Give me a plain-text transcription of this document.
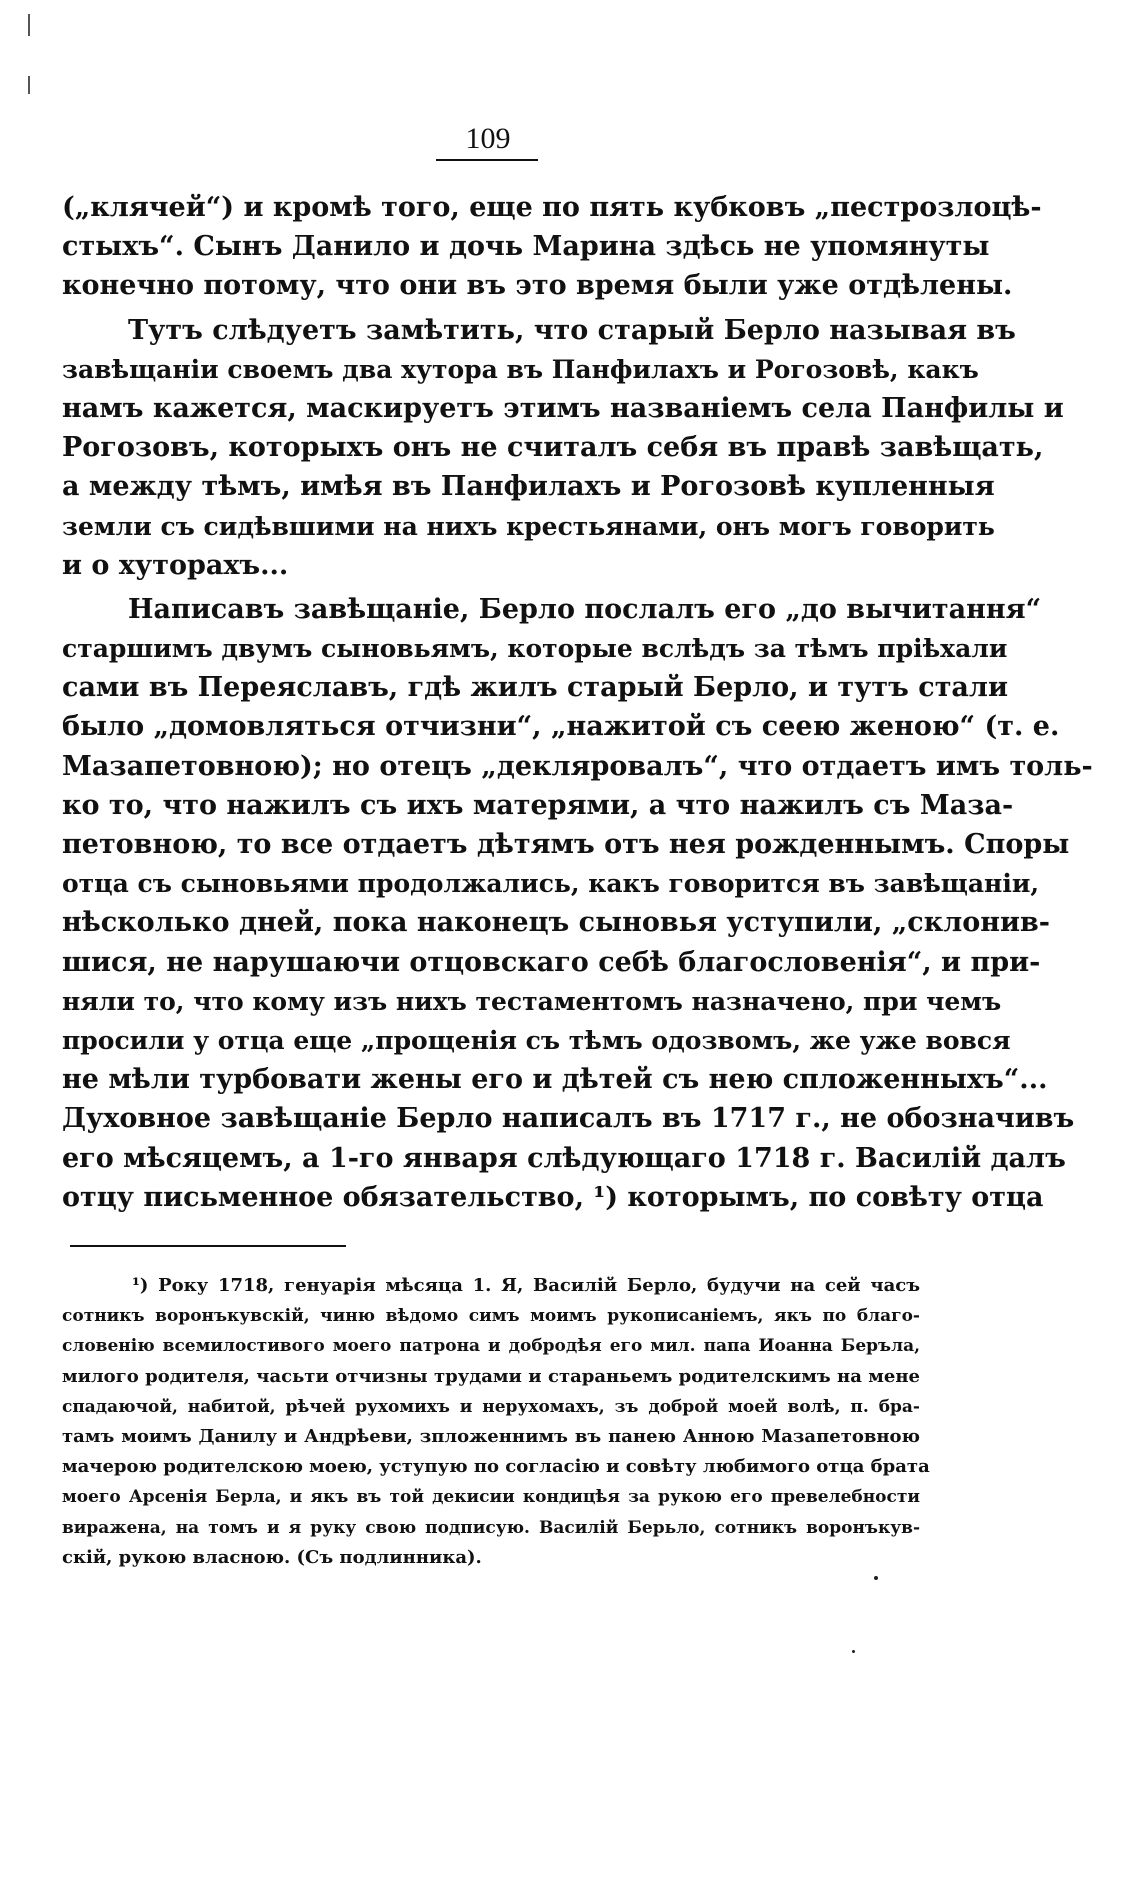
109
(„клячей“) и кромѣ того, еще по пять кубковъ „пестрозлоцѣ-
стыхъ“. Сынъ Данило и дочь Марина здѣсь не упомянуты
конечно потому, что они въ это время были уже отдѣлены.
Тутъ слѣдуетъ замѣтить, что старый Берло называя въ
завѣщаніи своемъ два хутора въ Панфилахъ и Рогозовѣ, какъ
намъ кажется, маскируетъ этимъ названіемъ села Панфилы и
Рогозовъ, которыхъ онъ не считалъ себя въ правѣ завѣщать,
а между тѣмъ, имѣя въ Панфилахъ и Рогозовѣ купленныя
земли съ сидѣвшими на нихъ крестьянами, онъ могъ говорить
и о хуторахъ...
Написавъ завѣщаніе, Берло послалъ его „до вычитання“
старшимъ двумъ сыновьямъ, которые вслѣдъ за тѣмъ пріѣхали
сами въ Переяславъ, гдѣ жилъ старый Берло, и тутъ стали
было „домовляться отчизни“, „нажитой съ сеею женою“ (т. е.
Мазапетовною); но отецъ „декляровалъ“, что отдаетъ имъ толь-
ко то, что нажилъ съ ихъ матерями, а что нажилъ съ Маза-
петовною, то все отдаетъ дѣтямъ отъ нея рожденнымъ. Споры
отца съ сыновьями продолжались, какъ говорится въ завѣщаніи,
нѣсколько дней, пока наконецъ сыновья уступили, „склонив-
шися, не нарушаючи отцовскаго себѣ благословенія“, и при-
няли то, что кому изъ нихъ тестаментомъ назначено, при чемъ
просили у отца еще „прощенія съ тѣмъ одозвомъ, же уже вовся
не мѣли турбовати жены его и дѣтей съ нею спложенныхъ“...
Духовное завѣщаніе Берло написалъ въ 1717 г., не обозначивъ
его мѣсяцемъ, а 1-го января слѣдующаго 1718 г. Василій далъ
отцу письменное обязательство, ¹) которымъ, по совѣту отца
¹) Року 1718, генуарія мѣсяца 1. Я, Василій Берло, будучи на сей часъ
сотникъ воронъкувскій, чиню вѣдомо симъ моимъ рукописаніемъ, якъ по благо-
словенію всемилостивого моего патрона и добродѣя его мил. папа Иоанна Беръла,
милого родителя, часьти отчизны трудами и стараньемъ родителскимъ на мене
спадаючой, набитой, рѣчей рухомихъ и нерухомахъ, зъ доброй моей волѣ, п. бра-
тамъ моимъ Данилу и Андрѣеви, зпложеннимъ въ панею Анною Мазапетовною
мачерою родителскою моею, уступую по согласію и совѣту любимого отца брата
моего Арсенія Берла, и якъ въ той декисии кондицѣя за рукою его превелебности
виражена, на томъ и я руку свою подписую. Василій Берьло, сотникъ воронъкув-
скій, рукою власною. (Съ подлинника).
